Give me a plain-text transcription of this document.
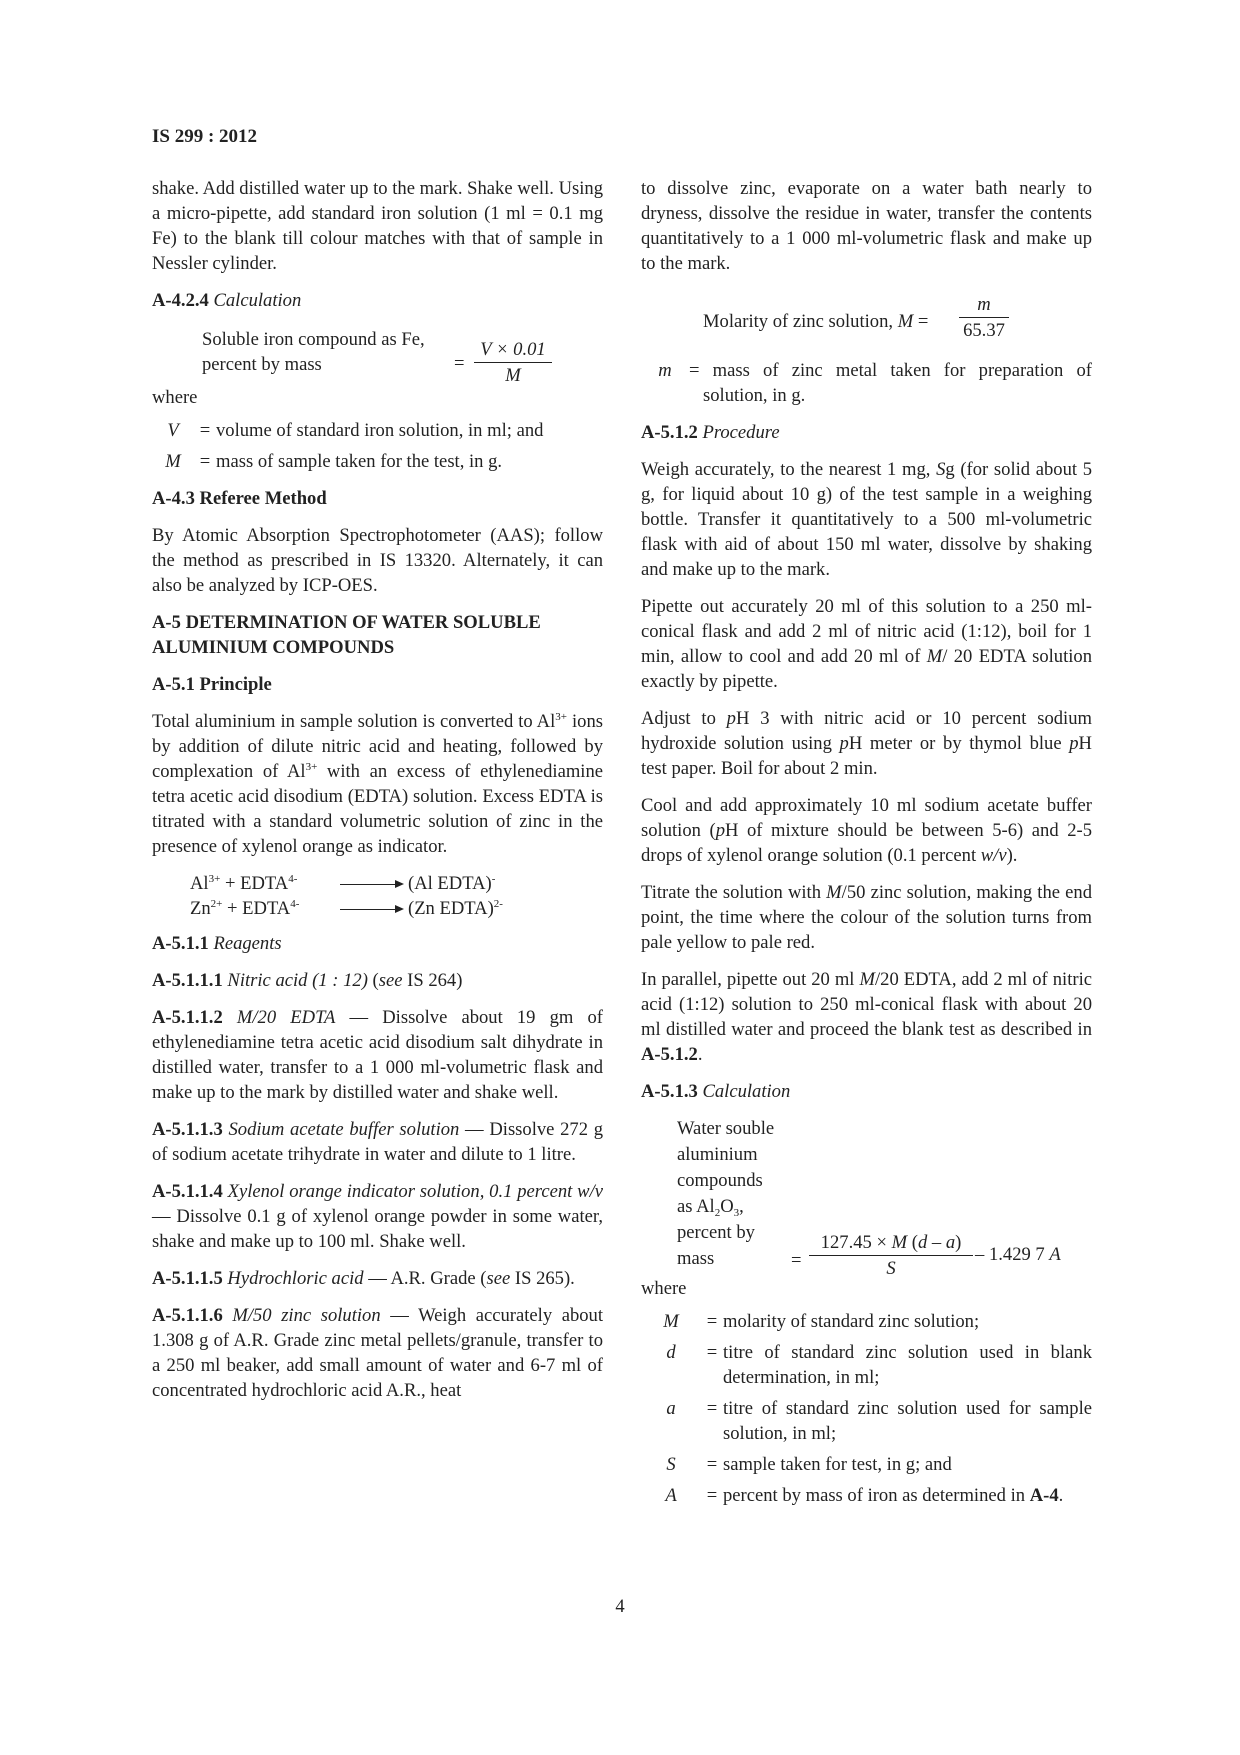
IS 299 : 2012

shake. Add distilled water up to the mark. Shake well. Using a micro-pipette, add standard iron solution (1 ml = 0.1 mg Fe) to the blank till colour matches with that of sample in Nessler cylinder.

A-4.2.4 Calculation
Soluble iron compound as Fe,
percent by mass	=
V × 0.01
M
where
V	= volume of standard iron solution, in ml; and
M	= mass of sample taken for the test, in g.
A-4.3 Referee Method

By Atomic Absorption Spectrophotometer (AAS); follow the method as prescribed in IS 13320. Alternately, it can also be analyzed by ICP-OES.

A-5 DETERMINATION OF WATER SOLUBLE
ALUMINIUM COMPOUNDS
A-5.1 Principle

Total aluminium in sample solution is converted to $Al^{3+}$ ions by addition of dilute nitric acid and heating, followed by complexation of $Al^{3+}$ with an excess of ethylenediamine tetra acetic acid disodium (EDTA) solution. Excess EDTA is titrated with a standard volumetric solution of zinc in the presence of xylenol orange as indicator.

$Al^{3+}$ + $EDTA^{4-}$	(Al EDTA)-
$Zn^{2+}$ + $EDTA^{4-}$	(Zn EDTA)$^{2-}$
A-5.1.1 Reagents

A-5.1.1.1 Nitric acid (1 : 12) (see IS 264)

A-5.1.1.2 M/20 EDTA — Dissolve about 19 gm of ethylenediamine tetra acetic acid disodium salt dihydrate in distilled water, transfer to a 1 000 ml-volumetric flask and make up to the mark by distilled water and shake well.

A-5.1.1.3 Sodium acetate buffer solution — Dissolve 272 g of sodium acetate trihydrate in water and dilute to 1 litre.

A-5.1.1.4 Xylenol orange indicator solution, 0.1 percent w/v — Dissolve 0.1 g of xylenol orange powder in some water, shake and make up to 100 ml. Shake well.

A-5.1.1.5 Hydrochloric acid — A.R. Grade (see IS 265).

A-5.1.1.6 M/50 zinc solution — Weigh accurately about 1.308 g of A.R. Grade zinc metal pellets/granule, transfer to a 250 ml beaker, add small amount of water and 6-7 ml of concentrated hydrochloric acid A.R., heat

to dissolve zinc, evaporate on a water bath nearly to dryness, dissolve the residue in water, transfer the contents quantitatively to a 1 000 ml-volumetric flask and make up to the mark.

Molarity of zinc solution, M =
m
65.37
m = mass of zinc metal taken for preparation of solution, in g.
A-5.1.2 Procedure

Weigh accurately, to the nearest 1 mg, Sg (for solid about 5 g, for liquid about 10 g) of the test sample in a weighing bottle. Transfer it quantitatively to a 500 ml-volumetric flask with aid of about 150 ml water, dissolve by shaking and make up to the mark.

Pipette out accurately 20 ml of this solution to a 250 ml-conical flask and add 2 ml of nitric acid (1:12), boil for 1 min, allow to cool and add 20 ml of M/ 20 EDTA solution exactly by pipette.

Adjust to pH 3 with nitric acid or 10 percent sodium hydroxide solution using pH meter or by thymol blue pH test paper. Boil for about 2 min.

Cool and add approximately 10 ml sodium acetate buffer solution (pH of mixture should be between 5-6) and 2-5 drops of xylenol orange solution (0.1 percent w/v).

Titrate the solution with M/50 zinc solution, making the end point, the time where the colour of the solution turns from pale yellow to pale red.

In parallel, pipette out 20 ml M/20 EDTA, add 2 ml of nitric acid (1:12) solution to 250 ml-conical flask with about 20 ml distilled water and proceed the blank test as described in A-5.1.2.

A-5.1.3 Calculation
Water souble
aluminium
compounds
as $Al_2O_3$,
percent by
mass	=
127.45 × M (d – a)
S
– 1.429 7 A
where
M	= molarity of standard zinc solution;
d	= titre of standard zinc solution used in blank determination, in ml;
a	= titre of standard zinc solution used for sample solution, in ml;
S	= sample taken for test, in g; and
A	= percent by mass of iron as determined in A-4.
4
